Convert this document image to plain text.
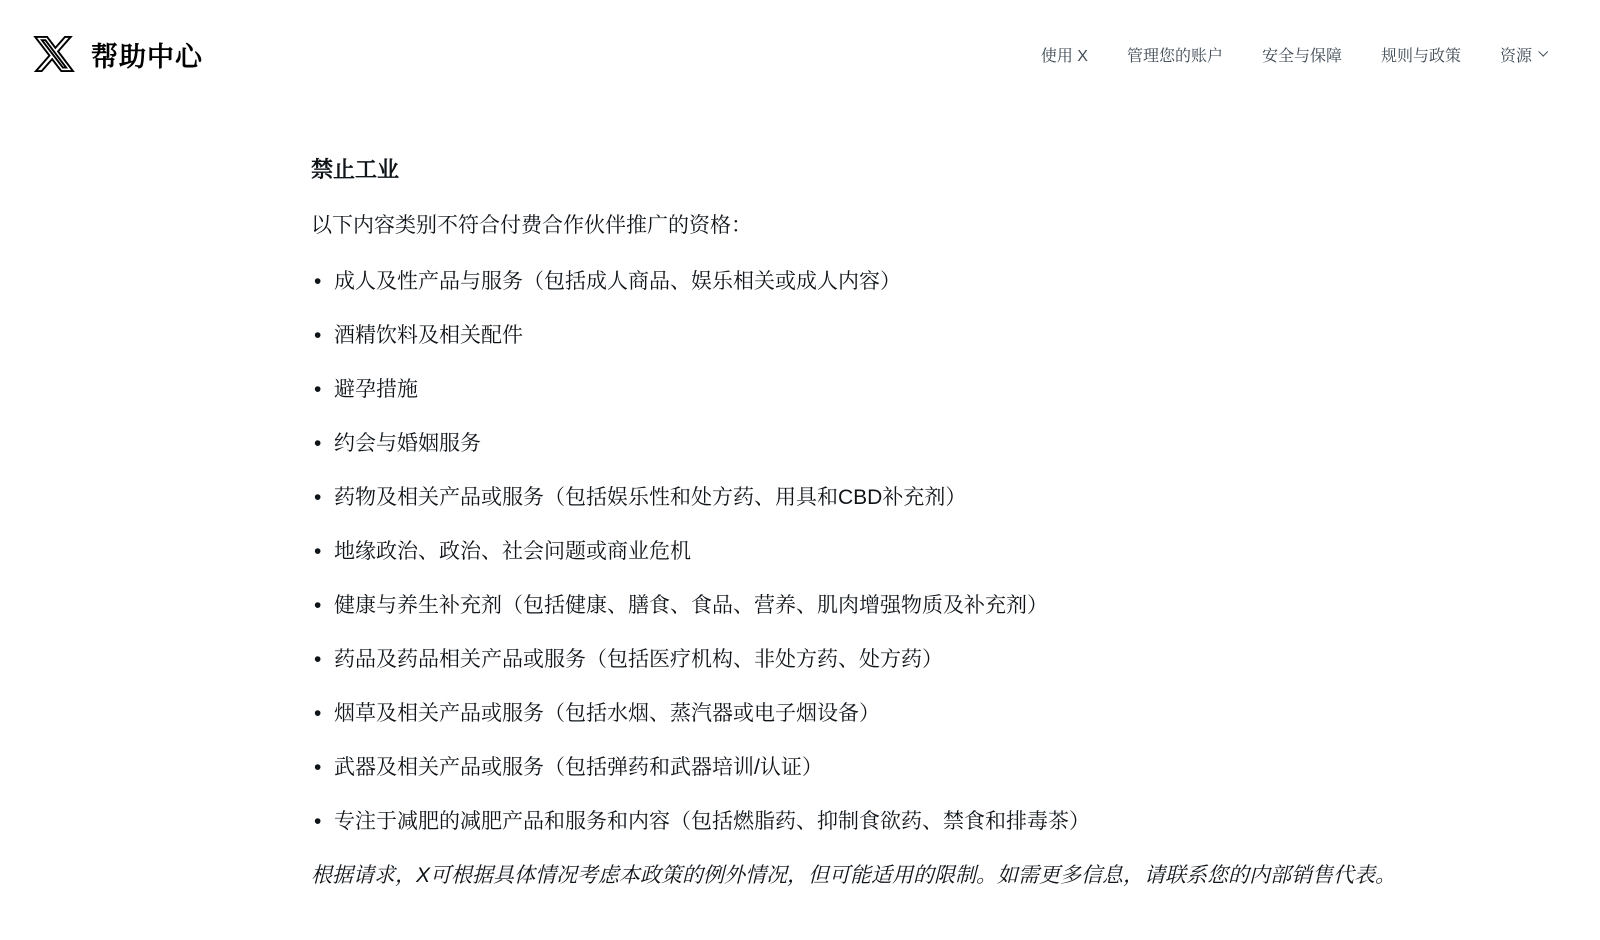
帮助中心	使用 X 管理您的账户 安全与保障 规则与政策 资源
禁止工业

以下内容类别不符合付费合作伙伴推广的资格：

• 成人及性产品与服务（包括成人商品、娱乐相关或成人内容）
• 酒精饮料及相关配件
• 避孕措施
• 约会与婚姻服务
• 药物及相关产品或服务（包括娱乐性和处方药、用具和CBD补充剂）
• 地缘政治、政治、社会问题或商业危机
• 健康与养生补充剂（包括健康、膳食、食品、营养、肌肉增强物质及补充剂）
• 药品及药品相关产品或服务（包括医疗机构、非处方药、处方药）
• 烟草及相关产品或服务（包括水烟、蒸汽器或电子烟设备）
• 武器及相关产品或服务（包括弹药和武器培训/认证）
• 专注于减肥的减肥产品和服务和内容（包括燃脂药、抑制食欲药、禁食和排毒茶）

根据请求，X可根据具体情况考虑本政策的例外情况，但可能适用的限制。如需更多信息，请联系您的内部销售代表。
